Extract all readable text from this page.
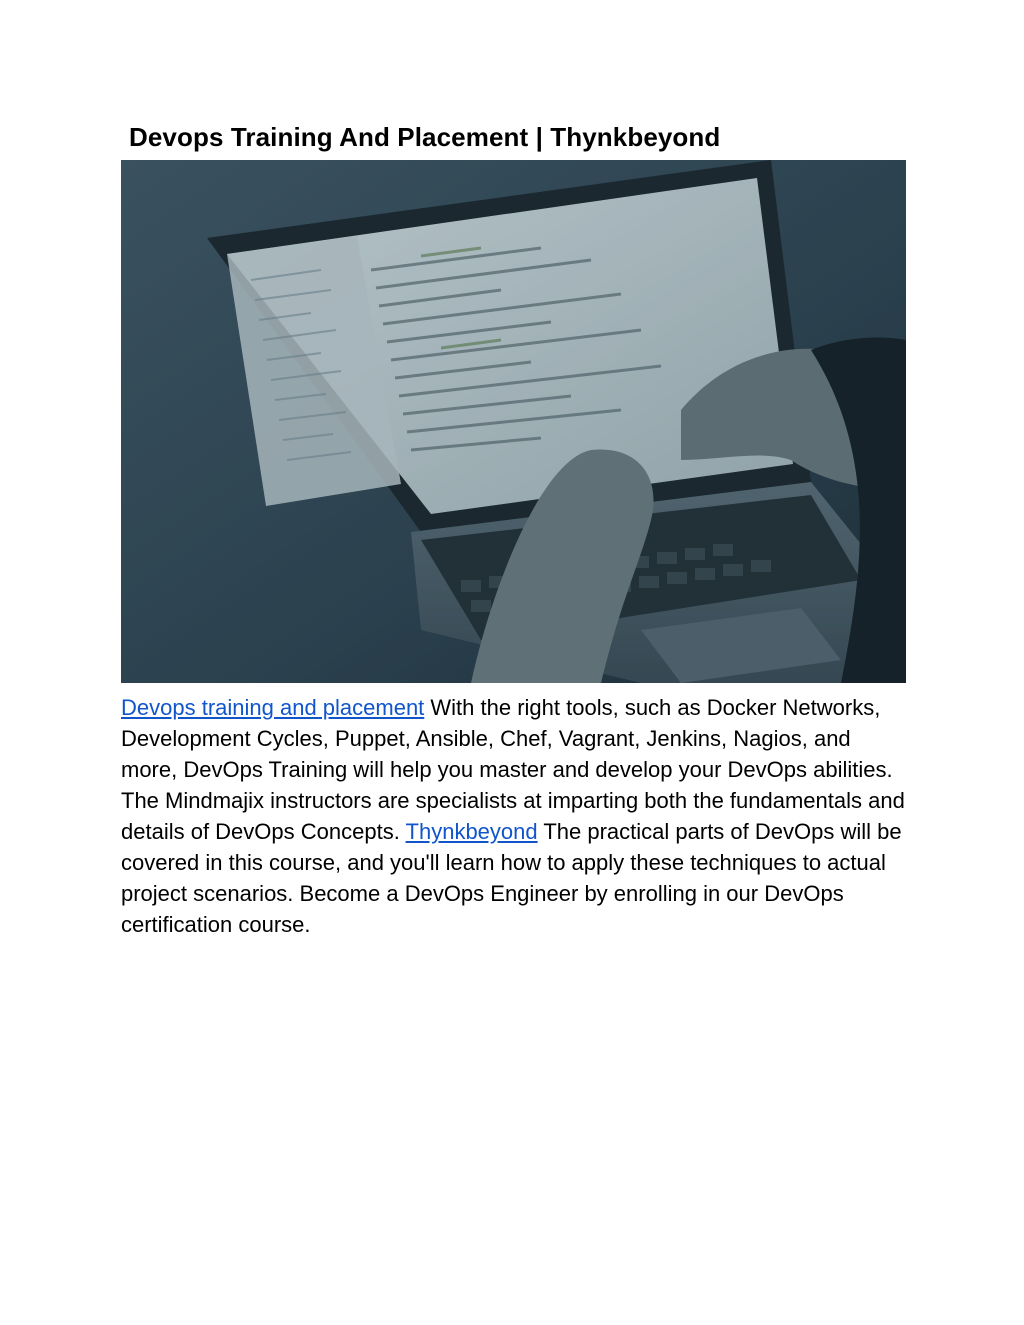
Devops Training And Placement | Thynkbeyond

Devops training and placement With the right tools, such as Docker Networks, Development Cycles, Puppet, Ansible, Chef, Vagrant, Jenkins, Nagios, and more, DevOps Training will help you master and develop your DevOps abilities. The Mindmajix instructors are specialists at imparting both the fundamentals and details of DevOps Concepts. Thynkbeyond The practical parts of DevOps will be covered in this course, and you'll learn how to apply these techniques to actual project scenarios. Become a DevOps Engineer by enrolling in our DevOps certification course.
